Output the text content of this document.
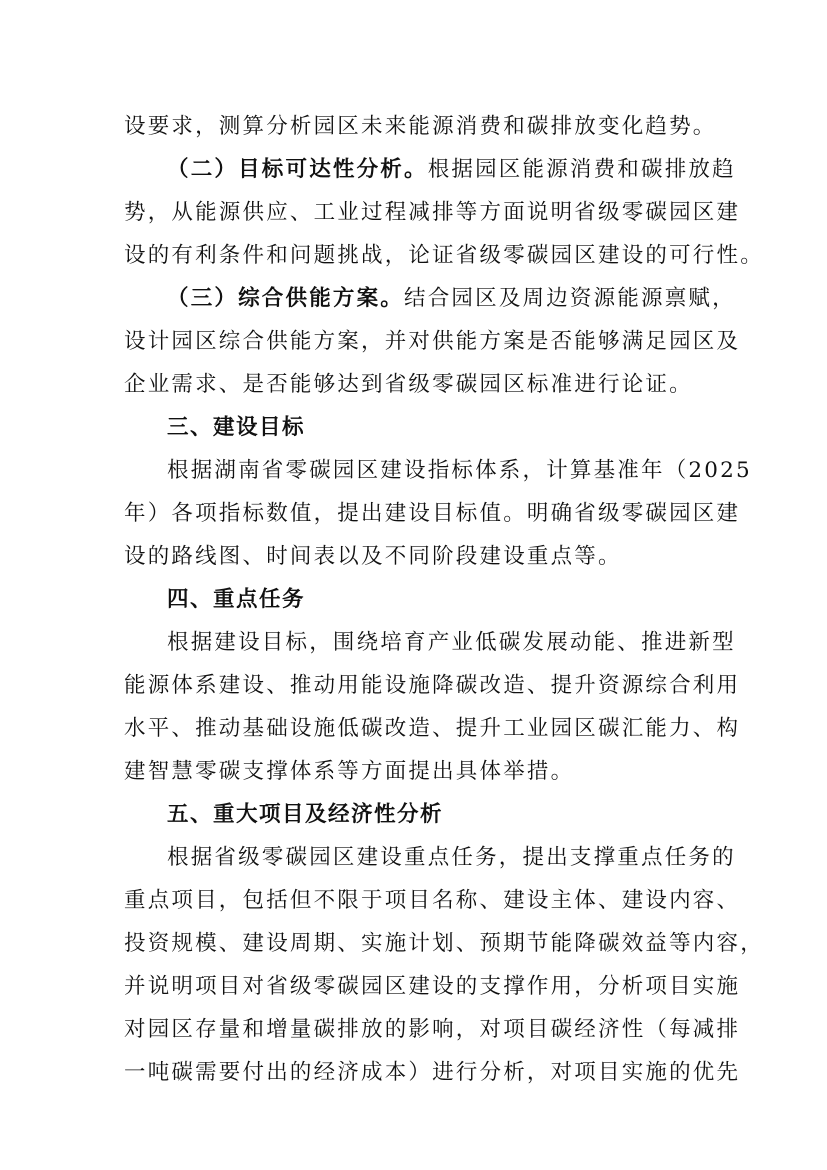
设要求，测算分析园区未来能源消费和碳排放变化趋势。
（二）目标可达性分析。根据园区能源消费和碳排放趋
势，从能源供应、工业过程减排等方面说明省级零碳园区建
设的有利条件和问题挑战，论证省级零碳园区建设的可行性。
（三）综合供能方案。结合园区及周边资源能源禀赋，
设计园区综合供能方案，并对供能方案是否能够满足园区及
企业需求、是否能够达到省级零碳园区标准进行论证。
三、建设目标
根据湖南省零碳园区建设指标体系，计算基准年（2025
年）各项指标数值，提出建设目标值。明确省级零碳园区建
设的路线图、时间表以及不同阶段建设重点等。
四、重点任务
根据建设目标，围绕培育产业低碳发展动能、推进新型
能源体系建设、推动用能设施降碳改造、提升资源综合利用
水平、推动基础设施低碳改造、提升工业园区碳汇能力、构
建智慧零碳支撑体系等方面提出具体举措。
五、重大项目及经济性分析
根据省级零碳园区建设重点任务，提出支撑重点任务的
重点项目，包括但不限于项目名称、建设主体、建设内容、
投资规模、建设周期、实施计划、预期节能降碳效益等内容，
并说明项目对省级零碳园区建设的支撑作用，分析项目实施
对园区存量和增量碳排放的影响，对项目碳经济性（每减排
一吨碳需要付出的经济成本）进行分析，对项目实施的优先
